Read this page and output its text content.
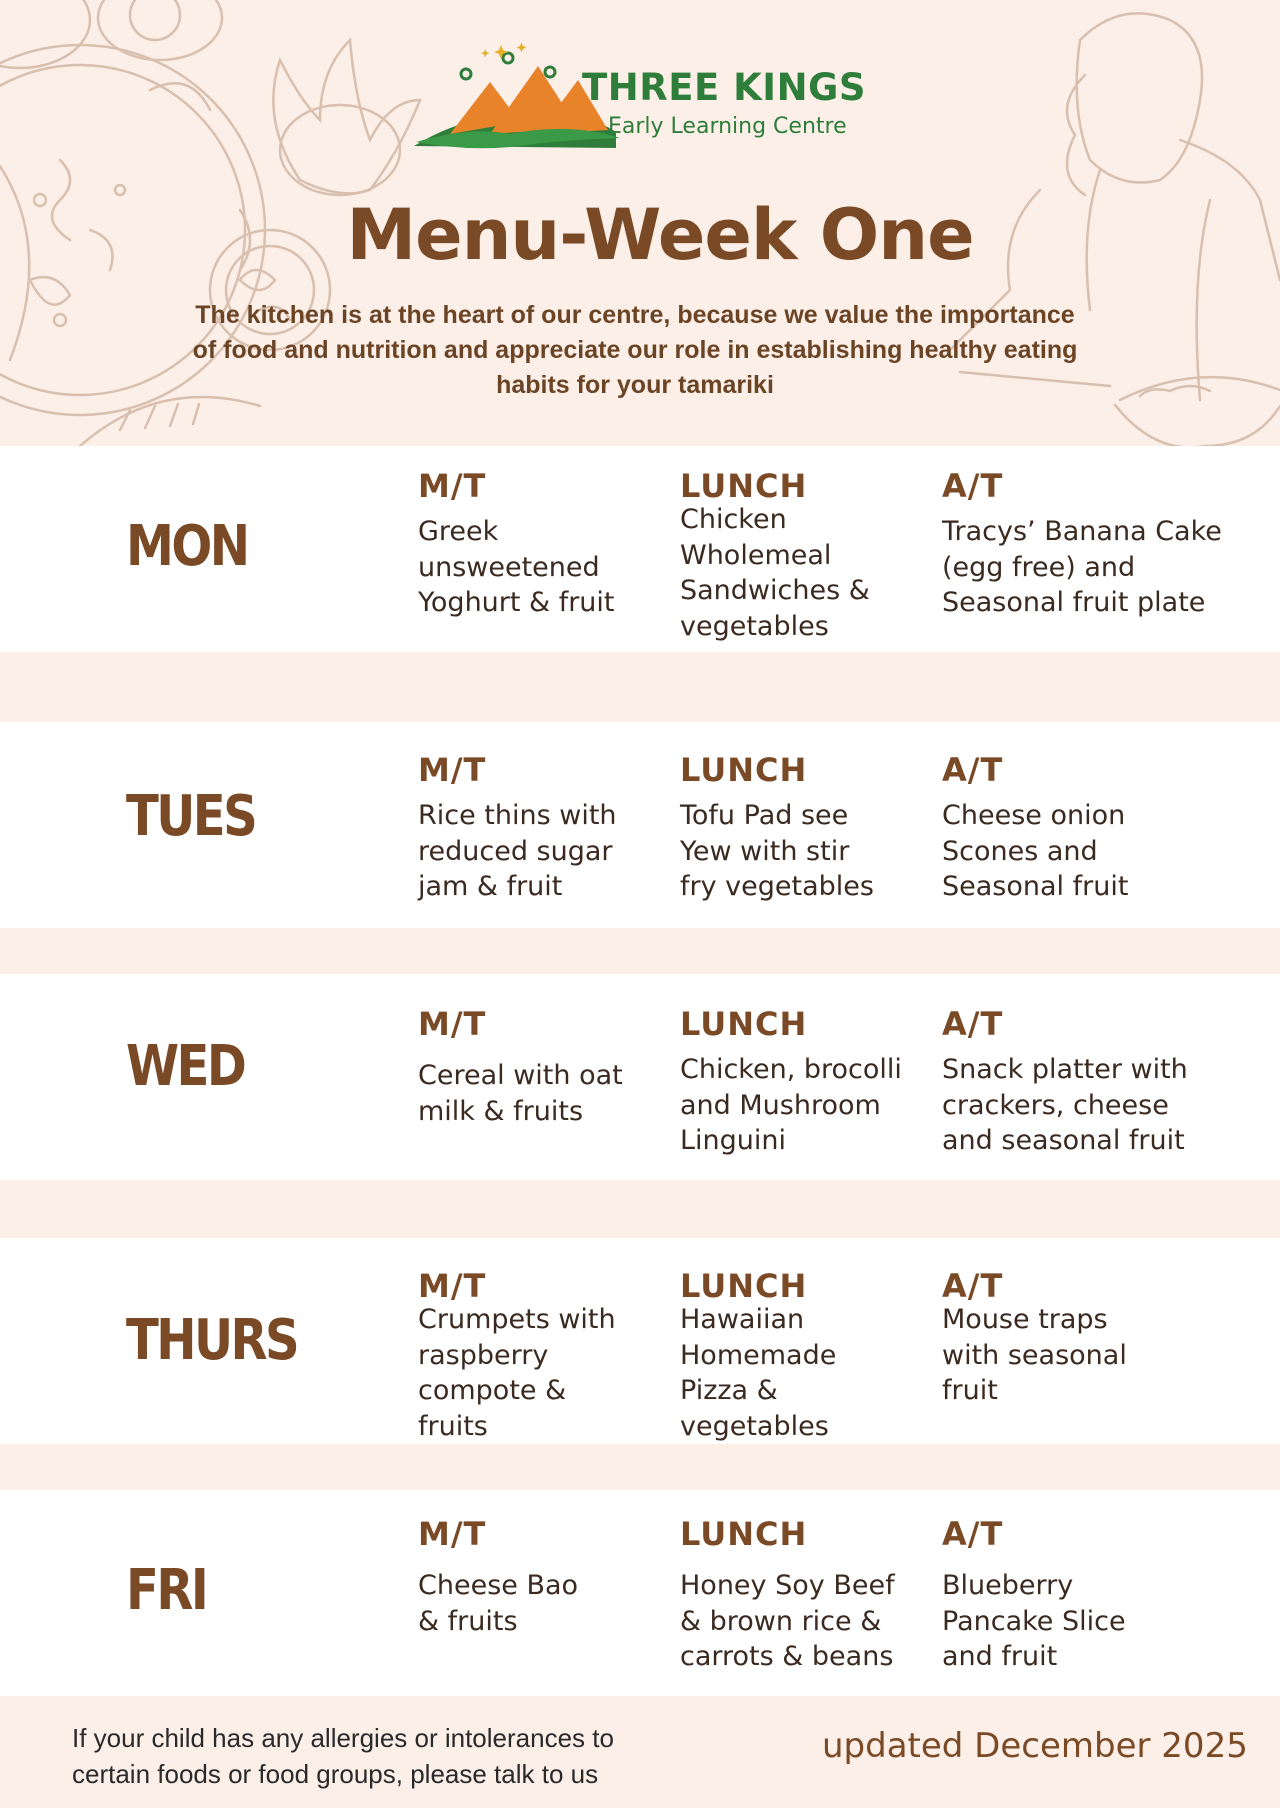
THREE KINGS
Early Learning Centre
Menu-Week One
The kitchen is at the heart of our centre, because we value the importance of food and nutrition and appreciate our role in establishing healthy eating habits for your tamariki
MON
M/T
Greek
unsweetened
Yoghurt & fruit
LUNCH
Chicken
Wholemeal
Sandwiches &
vegetables
A/T
Tracys’ Banana Cake
(egg free) and
Seasonal fruit plate
TUES
M/T
Rice thins with
reduced sugar
jam & fruit
LUNCH
Tofu Pad see
Yew with stir
fry vegetables
A/T
Cheese onion
Scones and
Seasonal fruit
WED
M/T
Cereal with oat
milk & fruits
LUNCH
Chicken, brocolli
and Mushroom
Linguini
A/T
Snack platter with
crackers, cheese
and seasonal fruit
THURS
M/T
Crumpets with
raspberry
compote &
fruits
LUNCH
Hawaiian
Homemade
Pizza &
vegetables
A/T
Mouse traps
with seasonal
fruit
FRI
M/T
Cheese Bao
& fruits
LUNCH
Honey Soy Beef
& brown rice &
carrots & beans
A/T
Blueberry
Pancake Slice
and fruit
If your child has any allergies or intolerances to
certain foods or food groups, please talk to us
updated December 2025
